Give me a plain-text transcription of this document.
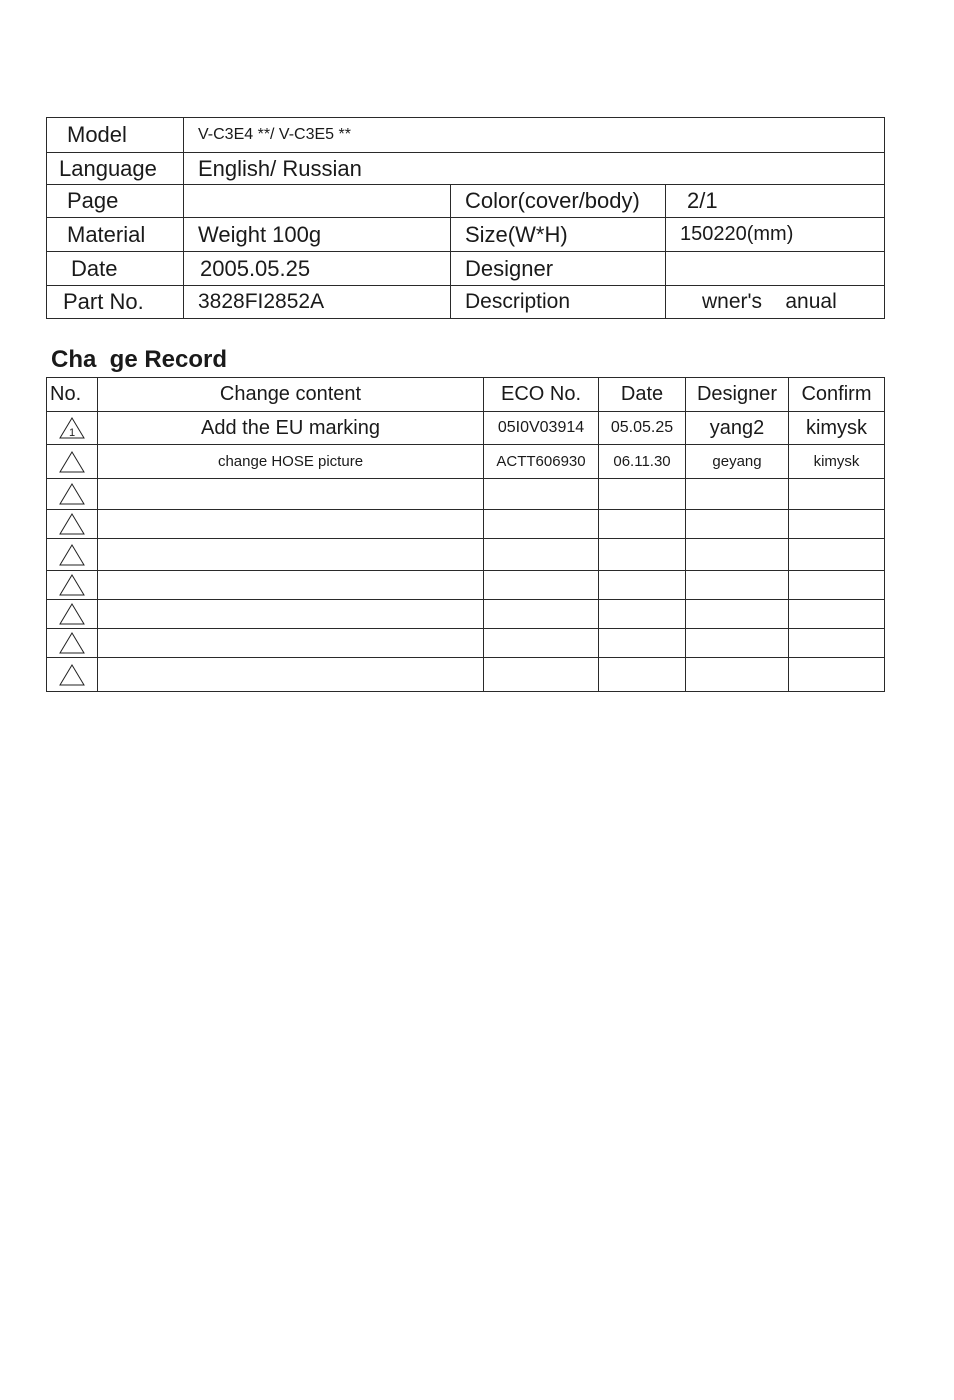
Model	V-C3E4 **/ V-C3E5 **		
Language	English/ Russian		
Page		Color(cover/body)	2/1
Material	Weight 100g	Size(W*H)	150220(mm)
Date	2005.05.25	Designer	
Part No.	3828FI2852A	Description	wner's    anual
Cha  ge Record
No.	Change content	ECO No.	Date	Designer	Confirm

1	Add the EU marking	05I0V03914	05.05.25	yang2	kimysk

	change HOSE picture	ACTT606930	06.11.30	geyang	kimysk
